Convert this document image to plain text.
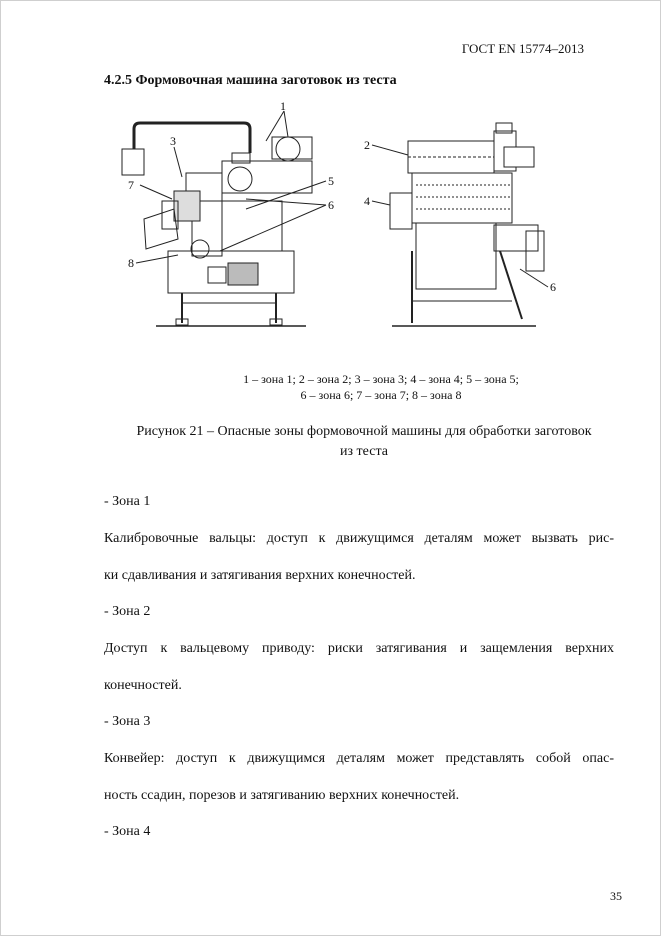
ГОСТ EN 15774–2013
4.2.5 Формовочная машина заготовок из теста
1
3
7	5
6
8
2
4
6
1 – зона 1; 2 – зона 2; 3 – зона 3; 4 – зона 4; 5 – зона 5;
6 – зона 6; 7 – зона 7; 8 – зона 8
Рисунок 21 – Опасные зоны формовочной машины для обработки заготовок
из теста
- Зона 1
Калибровочные вальцы: доступ к движущимся деталям может вызвать рис-
ки сдавливания и затягивания верхних конечностей.
- Зона 2
Доступ к вальцевому приводу: риски затягивания и защемления верхних
конечностей.
- Зона 3
Конвейер: доступ к движущимся деталям может представлять собой опас-
ность ссадин, порезов и затягиванию верхних конечностей.
- Зона 4
35
